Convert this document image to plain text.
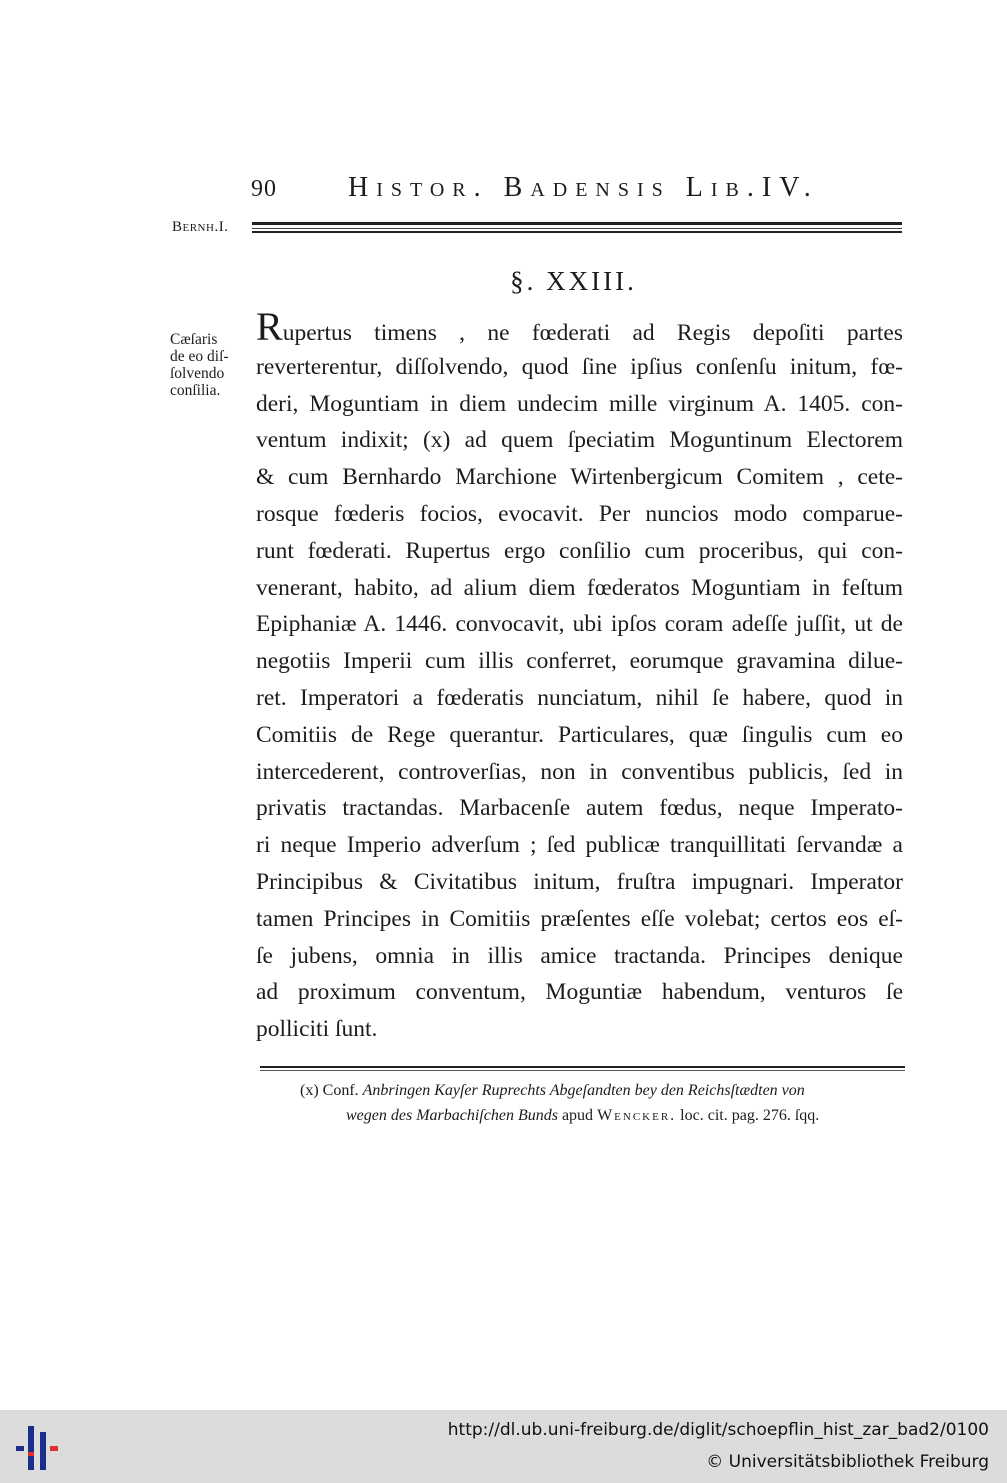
90	Histor. Badensis Lib.IV.
Bernh.I.
§. XXIII.
Cæſaris
de eo diſ-
ſolvendo
conſilia.
Rupertus timens , ne fœderati ad Regis depoſiti partes
reverterentur, diſſolvendo, quod ſine ipſius conſenſu initum, fœ-
deri, Moguntiam in diem undecim mille virginum A. 1405. con-
ventum indixit; (x) ad quem ſpeciatim Moguntinum Electorem
& cum Bernhardo Marchione Wirtenbergicum Comitem , cete-
rosque fœderis focios, evocavit. Per nuncios modo comparue-
runt fœderati. Rupertus ergo conſilio cum proceribus, qui con-
venerant, habito, ad alium diem fœderatos Moguntiam in feſtum
Epiphaniæ A. 1446. convocavit, ubi ipſos coram adeſſe juſſit, ut de
negotiis Imperii cum illis conferret, eorumque gravamina dilue-
ret. Imperatori a fœderatis nunciatum, nihil ſe habere, quod in
Comitiis de Rege querantur. Particulares, quæ ſingulis cum eo
intercederent, controverſias, non in conventibus publicis, ſed in
privatis tractandas. Marbacenſe autem fœdus, neque Imperato-
ri neque Imperio adverſum ; ſed publicæ tranquillitati ſervandæ a
Principibus & Civitatibus initum, fruſtra impugnari. Imperator
tamen Principes in Comitiis præſentes eſſe volebat; certos eos eſ-
ſe jubens, omnia in illis amice tractanda. Principes denique
ad proximum conventum, Moguntiæ habendum, venturos ſe
polliciti ſunt.
(x) Conf. Anbringen Kayſer Ruprechts Abgeſandten bey den Reichsſtædten von
wegen des Marbachiſchen Bunds apud Wencker. loc. cit. pag. 276. ſqq.
http://dl.ub.uni-freiburg.de/diglit/schoepflin_hist_zar_bad2/0100
© Universitätsbibliothek Freiburg
